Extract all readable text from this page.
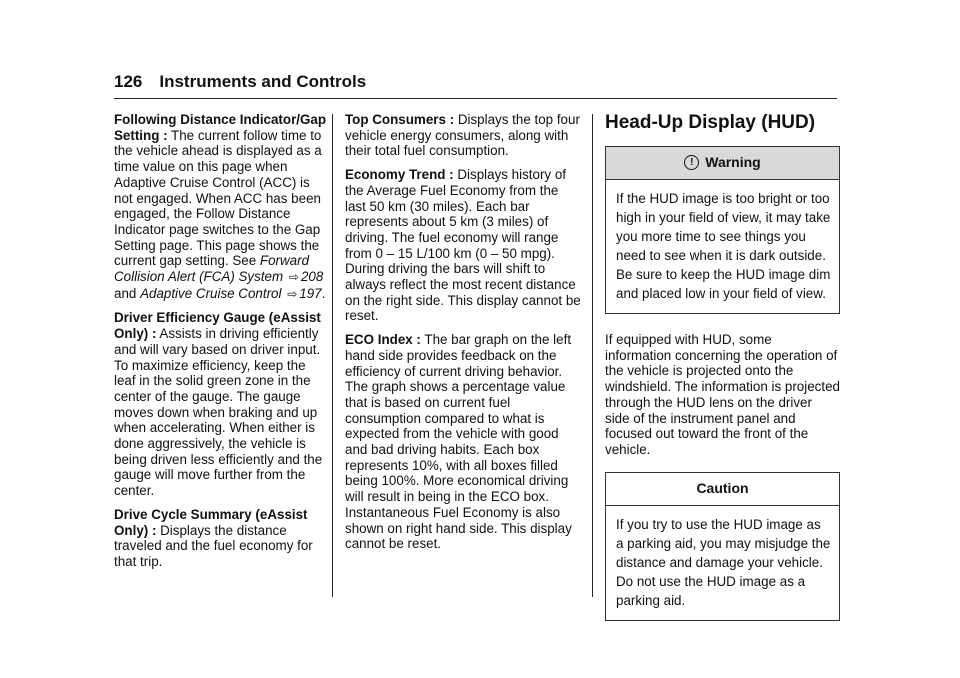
126 Instruments and Controls

Following Distance Indicator/Gap Setting : The current follow time to the vehicle ahead is displayed as a time value on this page when Adaptive Cruise Control (ACC) is not engaged. When ACC has been engaged, the Follow Distance Indicator page switches to the Gap Setting page. This page shows the current gap setting. See Forward Collision Alert (FCA) System ⇨ 208 and Adaptive Cruise Control ⇨ 197.

Driver Efficiency Gauge (eAssist Only) : Assists in driving efficiently and will vary based on driver input. To maximize efficiency, keep the leaf in the solid green zone in the center of the gauge. The gauge moves down when braking and up when accelerating. When either is done aggressively, the vehicle is being driven less efficiently and the gauge will move further from the center.

Drive Cycle Summary (eAssist Only) : Displays the distance traveled and the fuel economy for that trip.

Top Consumers : Displays the top four vehicle energy consumers, along with their total fuel consumption.

Economy Trend : Displays history of the Average Fuel Economy from the last 50 km (30 miles). Each bar represents about 5 km (3 miles) of driving. The fuel economy will range from 0 – 15 L/100 km (0 – 50 mpg). During driving the bars will shift to always reflect the most recent distance on the right side. This display cannot be reset.

ECO Index : The bar graph on the left hand side provides feedback on the efficiency of current driving behavior. The graph shows a percentage value that is based on current fuel consumption compared to what is expected from the vehicle with good and bad driving habits. Each box represents 10%, with all boxes filled being 100%. More economical driving will result in being in the ECO box. Instantaneous Fuel Economy is also shown on right hand side. This display cannot be reset.

Head-Up Display (HUD)
! Warning
If the HUD image is too bright or too high in your field of view, it may take you more time to see things you need to see when it is dark outside. Be sure to keep the HUD image dim and placed low in your field of view.
If equipped with HUD, some information concerning the operation of the vehicle is projected onto the windshield. The information is projected through the HUD lens on the driver side of the instrument panel and focused out toward the front of the vehicle.
Caution
If you try to use the HUD image as a parking aid, you may misjudge the distance and damage your vehicle. Do not use the HUD image as a parking aid.
